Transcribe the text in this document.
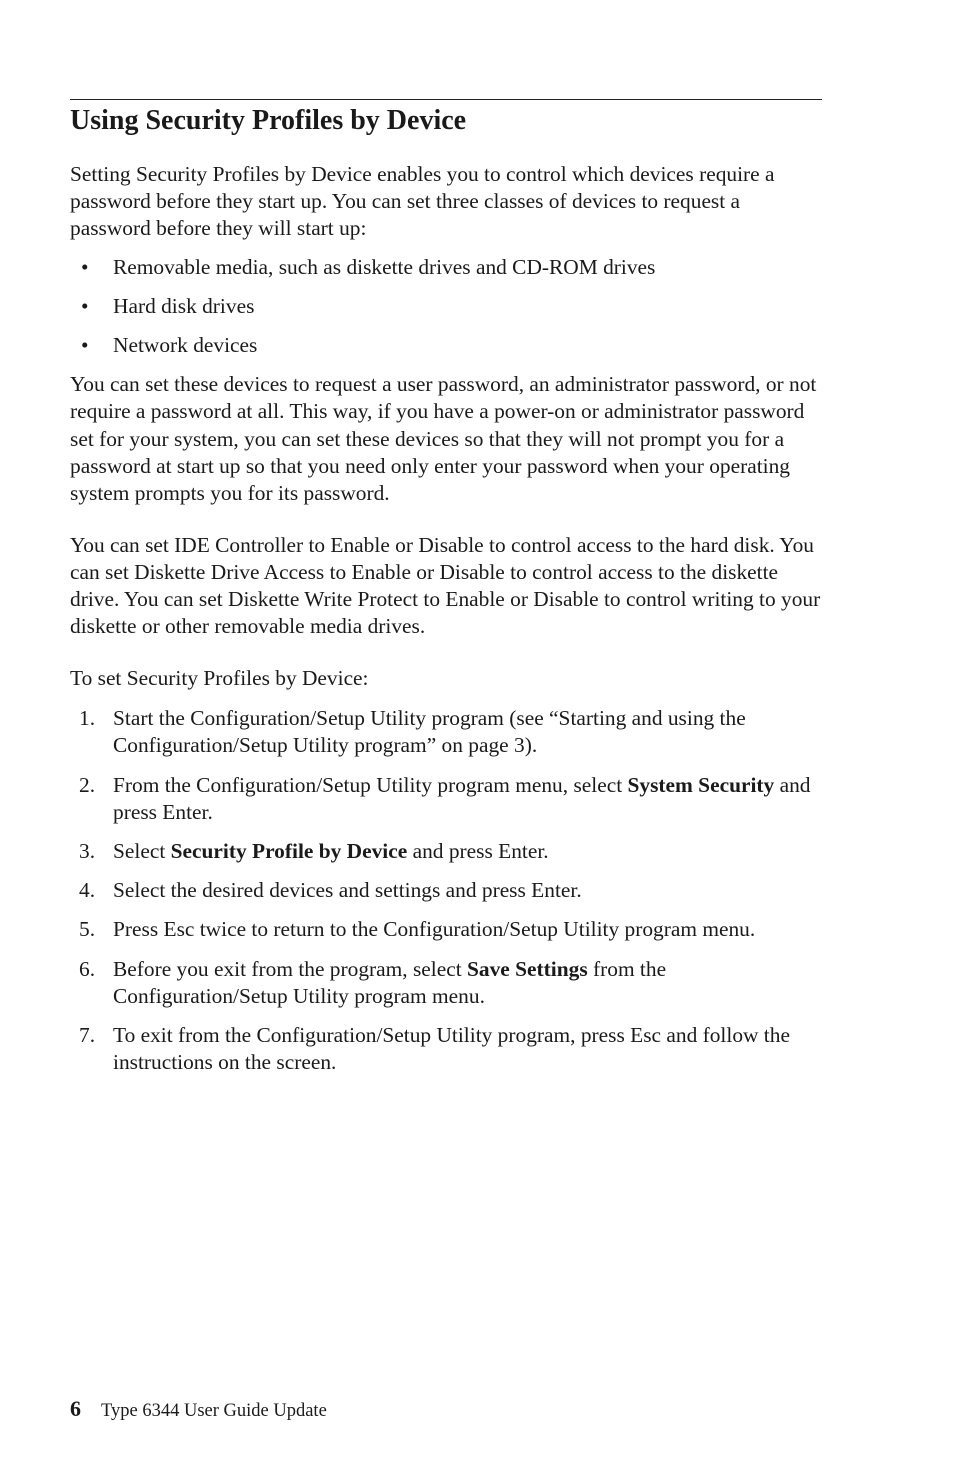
Using Security Profiles by Device

Setting Security Profiles by Device enables you to control which devices require a password before they start up. You can set three classes of devices to request a password before they will start up:

• Removable media, such as diskette drives and CD-ROM drives
• Hard disk drives
• Network devices

You can set these devices to request a user password, an administrator password, or not require a password at all. This way, if you have a power-on or administrator password set for your system, you can set these devices so that they will not prompt you for a password at start up so that you need only enter your password when your operating system prompts you for its password.

You can set IDE Controller to Enable or Disable to control access to the hard disk. You can set Diskette Drive Access to Enable or Disable to control access to the diskette drive. You can set Diskette Write Protect to Enable or Disable to control writing to your diskette or other removable media drives.

To set Security Profiles by Device:

1. Start the Configuration/Setup Utility program (see “Starting and using the Configuration/Setup Utility program” on page 3).
2. From the Configuration/Setup Utility program menu, select System Security and press Enter.
3. Select Security Profile by Device and press Enter.
4. Select the desired devices and settings and press Enter.
5. Press Esc twice to return to the Configuration/Setup Utility program menu.
6. Before you exit from the program, select Save Settings from the Configuration/Setup Utility program menu.
7. To exit from the Configuration/Setup Utility program, press Esc and follow the instructions on the screen.
6 Type 6344 User Guide Update
